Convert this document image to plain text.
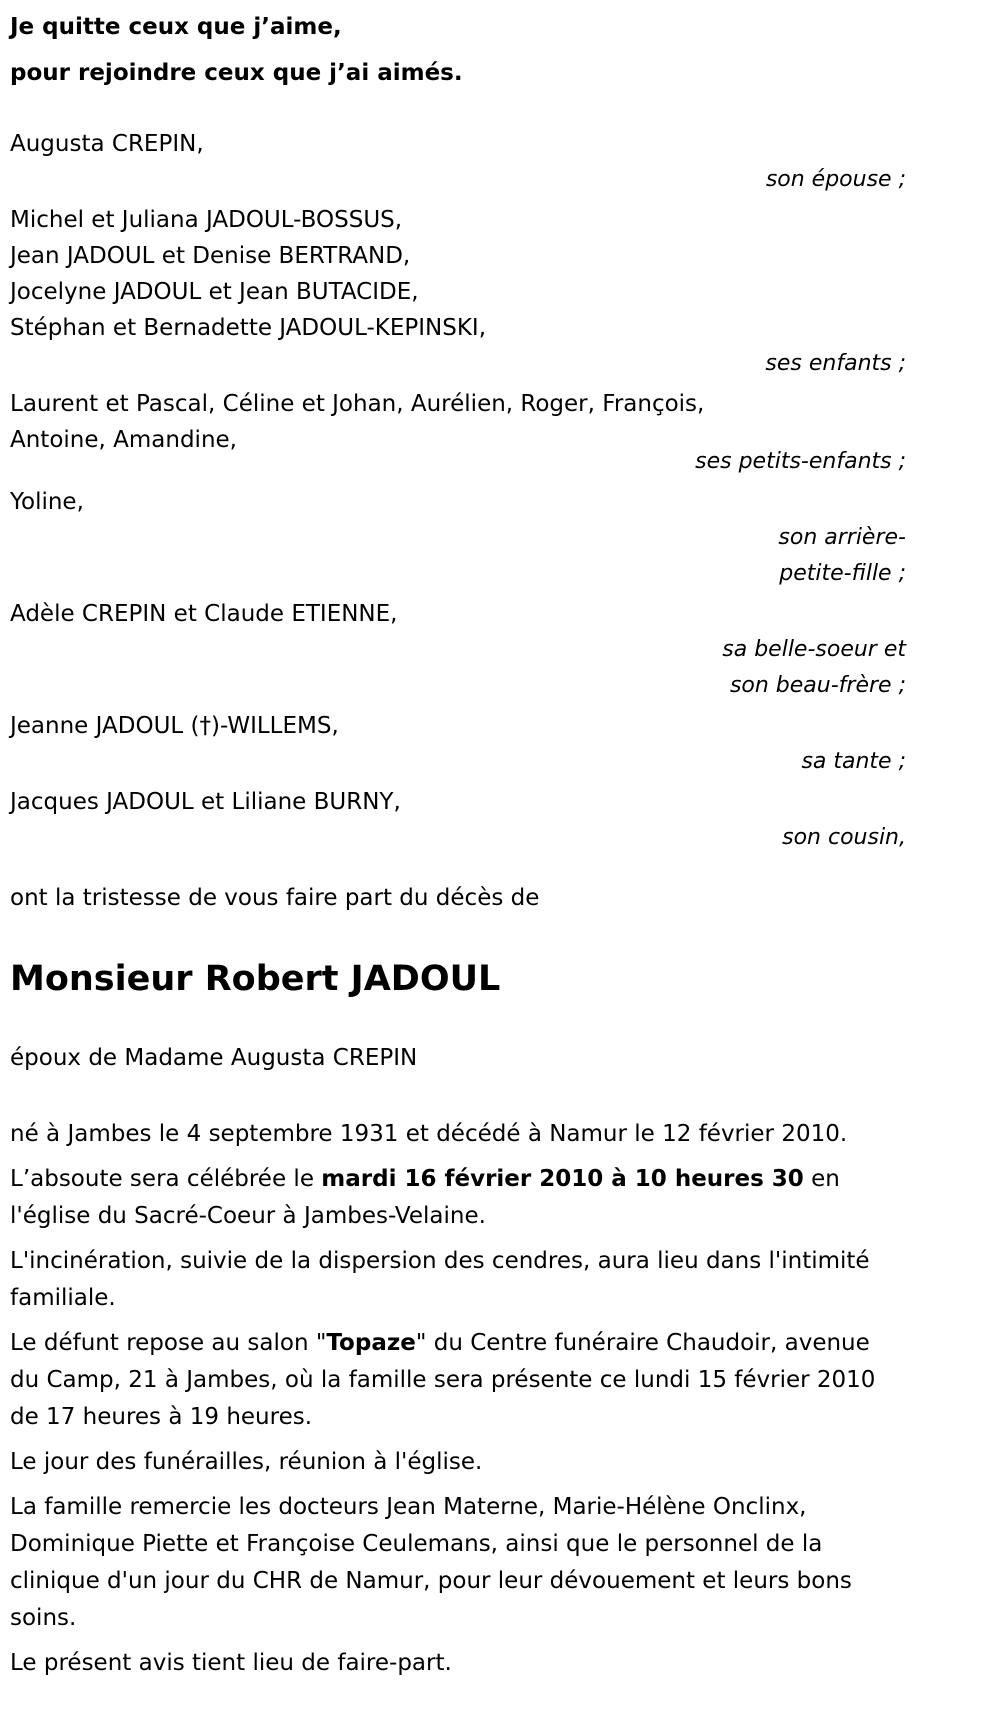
Je quitte ceux que j’aime,
pour rejoindre ceux que j’ai aimés.
Augusta CREPIN,
son épouse ;
Michel et Juliana JADOUL-BOSSUS,
Jean JADOUL et Denise BERTRAND,
Jocelyne JADOUL et Jean BUTACIDE,
Stéphan et Bernadette JADOUL-KEPINSKI,
ses enfants ;
Laurent et Pascal, Céline et Johan, Aurélien, Roger, François,
Antoine, Amandine,
ses petits-enfants ;
Yoline,
son arrière-
petite-fille ;
Adèle CREPIN et Claude ETIENNE,
sa belle-soeur et
son beau-frère ;
Jeanne JADOUL (†)-WILLEMS,
sa tante ;
Jacques JADOUL et Liliane BURNY,
son cousin,
ont la tristesse de vous faire part du décès de
Monsieur Robert JADOUL
époux de Madame Augusta CREPIN

né à Jambes le 4 septembre 1931 et décédé à Namur le 12 février 2010.

L’absoute sera célébrée le mardi 16 février 2010 à 10 heures 30 en l'église du Sacré-Coeur à Jambes-Velaine.

L'incinération, suivie de la dispersion des cendres, aura lieu dans l'intimité familiale.

Le défunt repose au salon "Topaze" du Centre funéraire Chaudoir, avenue du Camp, 21 à Jambes, où la famille sera présente ce lundi 15 février 2010 de 17 heures à 19 heures.

Le jour des funérailles, réunion à l'église.

La famille remercie les docteurs Jean Materne, Marie-Hélène Onclinx, Dominique Piette et Françoise Ceulemans, ainsi que le personnel de la clinique d'un jour du CHR de Namur, pour leur dévouement et leurs bons soins.

Le présent avis tient lieu de faire-part.
